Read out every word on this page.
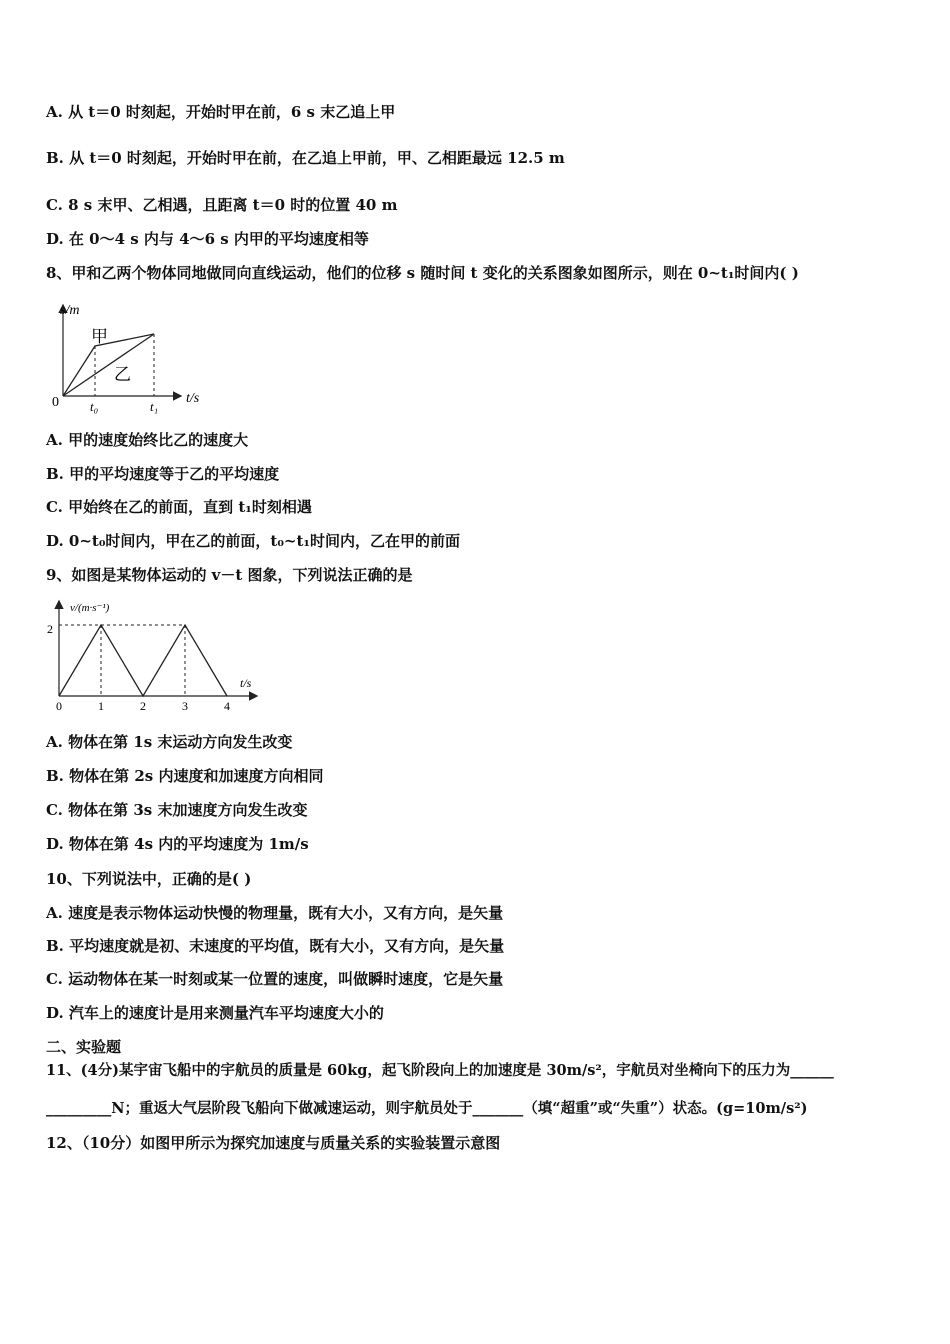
A. 从 t＝0 时刻起，开始时甲在前，6 s 末乙追上甲
B. 从 t＝0 时刻起，开始时甲在前，在乙追上甲前，甲、乙相距最远 12.5 m
C. 8 s 末甲、乙相遇，且距离 t＝0 时的位置 40 m
D. 在 0～4 s 内与 4～6 s 内甲的平均速度相等
8、甲和乙两个物体同地做同向直线运动，他们的位移 s 随时间 t 变化的关系图象如图所示，则在 0~t₁时间内( )
s/m
t/s
0 t₀	t₁
甲
乙
A. 甲的速度始终比乙的速度大
B. 甲的平均速度等于乙的平均速度
C. 甲始终在乙的前面，直到 t₁时刻相遇
D. 0~t₀时间内，甲在乙的前面，t₀~t₁时间内，乙在甲的前面
9、如图是某物体运动的 v－t 图象，下列说法正确的是
v/(m·s⁻¹)
t/s
2
0	1	2	3	4
A. 物体在第 1s 末运动方向发生改变
B. 物体在第 2s 内速度和加速度方向相同
C. 物体在第 3s 末加速度方向发生改变
D. 物体在第 4s 内的平均速度为 1m/s
10、下列说法中，正确的是( )
A. 速度是表示物体运动快慢的物理量，既有大小，又有方向，是矢量
B. 平均速度就是初、末速度的平均值，既有大小，又有方向，是矢量
C. 运动物体在某一时刻或某一位置的速度，叫做瞬时速度，它是矢量
D. 汽车上的速度计是用来测量汽车平均速度大小的
二、实验题
11、(4分)某宇宙飞船中的宇航员的质量是 60kg，起飞阶段向上的加速度是 30m/s²，宇航员对坐椅向下的压力为______
_________N；重返大气层阶段飞船向下做减速运动，则宇航员处于_______（填“超重”或“失重”）状态。(g=10m/s²)
12、（10分）如图甲所示为探究加速度与质量关系的实验装置示意图
